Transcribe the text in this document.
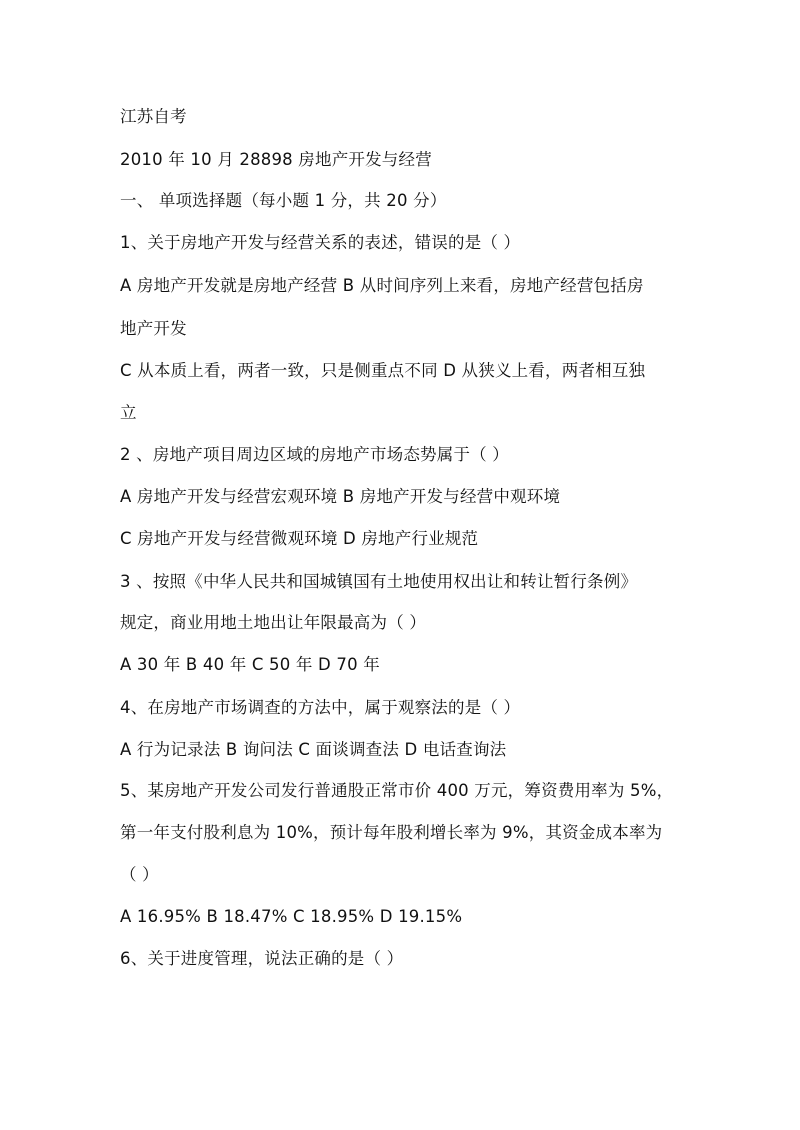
江苏自考
2010 年 10 月 28898 房地产开发与经营
一、 单项选择题（每小题 1 分，共 20 分）
1、关于房地产开发与经营关系的表述，错误的是（ ）
A 房地产开发就是房地产经营 B 从时间序列上来看，房地产经营包括房
地产开发
C 从本质上看，两者一致，只是侧重点不同 D 从狭义上看，两者相互独
立
2 、房地产项目周边区域的房地产市场态势属于（ ）
A 房地产开发与经营宏观环境 B 房地产开发与经营中观环境
C 房地产开发与经营微观环境 D 房地产行业规范
3 、按照《中华人民共和国城镇国有土地使用权出让和转让暂行条例》
规定，商业用地土地出让年限最高为（ ）
A 30 年 B 40 年 C 50 年 D 70 年
4、在房地产市场调查的方法中，属于观察法的是（ ）
A 行为记录法 B 询问法 C 面谈调查法 D 电话查询法
5、某房地产开发公司发行普通股正常市价 400 万元，筹资费用率为 5%，
第一年支付股利息为 10%，预计每年股利增长率为 9%，其资金成本率为
（ ）
A 16.95% B 18.47% C 18.95% D 19.15%
6、关于进度管理，说法正确的是（ ）
